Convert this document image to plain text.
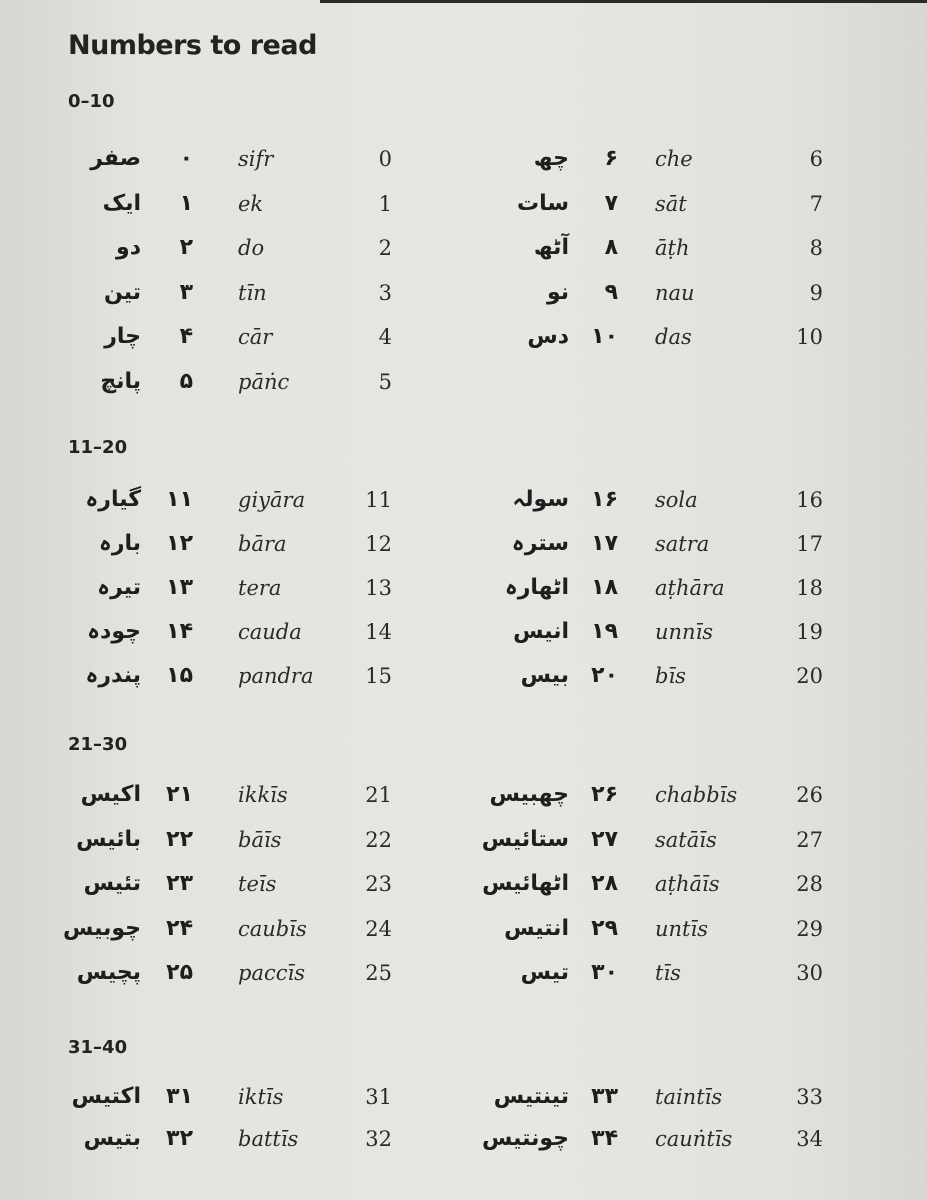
Numbers to read
0–10
صفر ۰ sifr	0
ایک ۱ ek	1
دو ۲ do	2
تین ۳ tīn	3
چار ۴ cār	4
پانچ ۵ pāṅc	5
چھ ۶ che	6
سات ۷ sāt	7
آٹھ ۸ āṭh	8
نو ۹ nau	9
دس ۱۰ das	10
11–20
گیارہ ۱۱ giyāra	11
بارہ ۱۲ bāra	12
تیرہ ۱۳ tera	13
چودہ ۱۴ cauda	14
پندرہ ۱۵ pandra 15
سولہ ۱۶ sola	16
سترہ ۱۷ satra	17
اٹھارہ ۱۸ aṭhāra	18
انیس ۱۹ unnīs	19
بیس ۲۰ bīs	20
21–30
اکیس ۲۱ ikkīs	21
بائیس ۲۲ bāīs	22
تئیس ۲۳ teīs	23
چوبیس ۲۴ caubīs	24
پچیس ۲۵ paccīs	25
چھبیس ۲۶ chabbīs	26
ستائیس ۲۷ satāīs	27
اٹھائیس ۲۸ aṭhāīs	28
انتیس ۲۹ untīs	29
تیس ۳۰ tīs	30
31–40
اکتیس ۳۱ iktīs	31
بتیس ۳۲ battīs	32
تینتیس ۳۳ taintīs	33
چونتیس ۳۴ cauṅtīs	34
